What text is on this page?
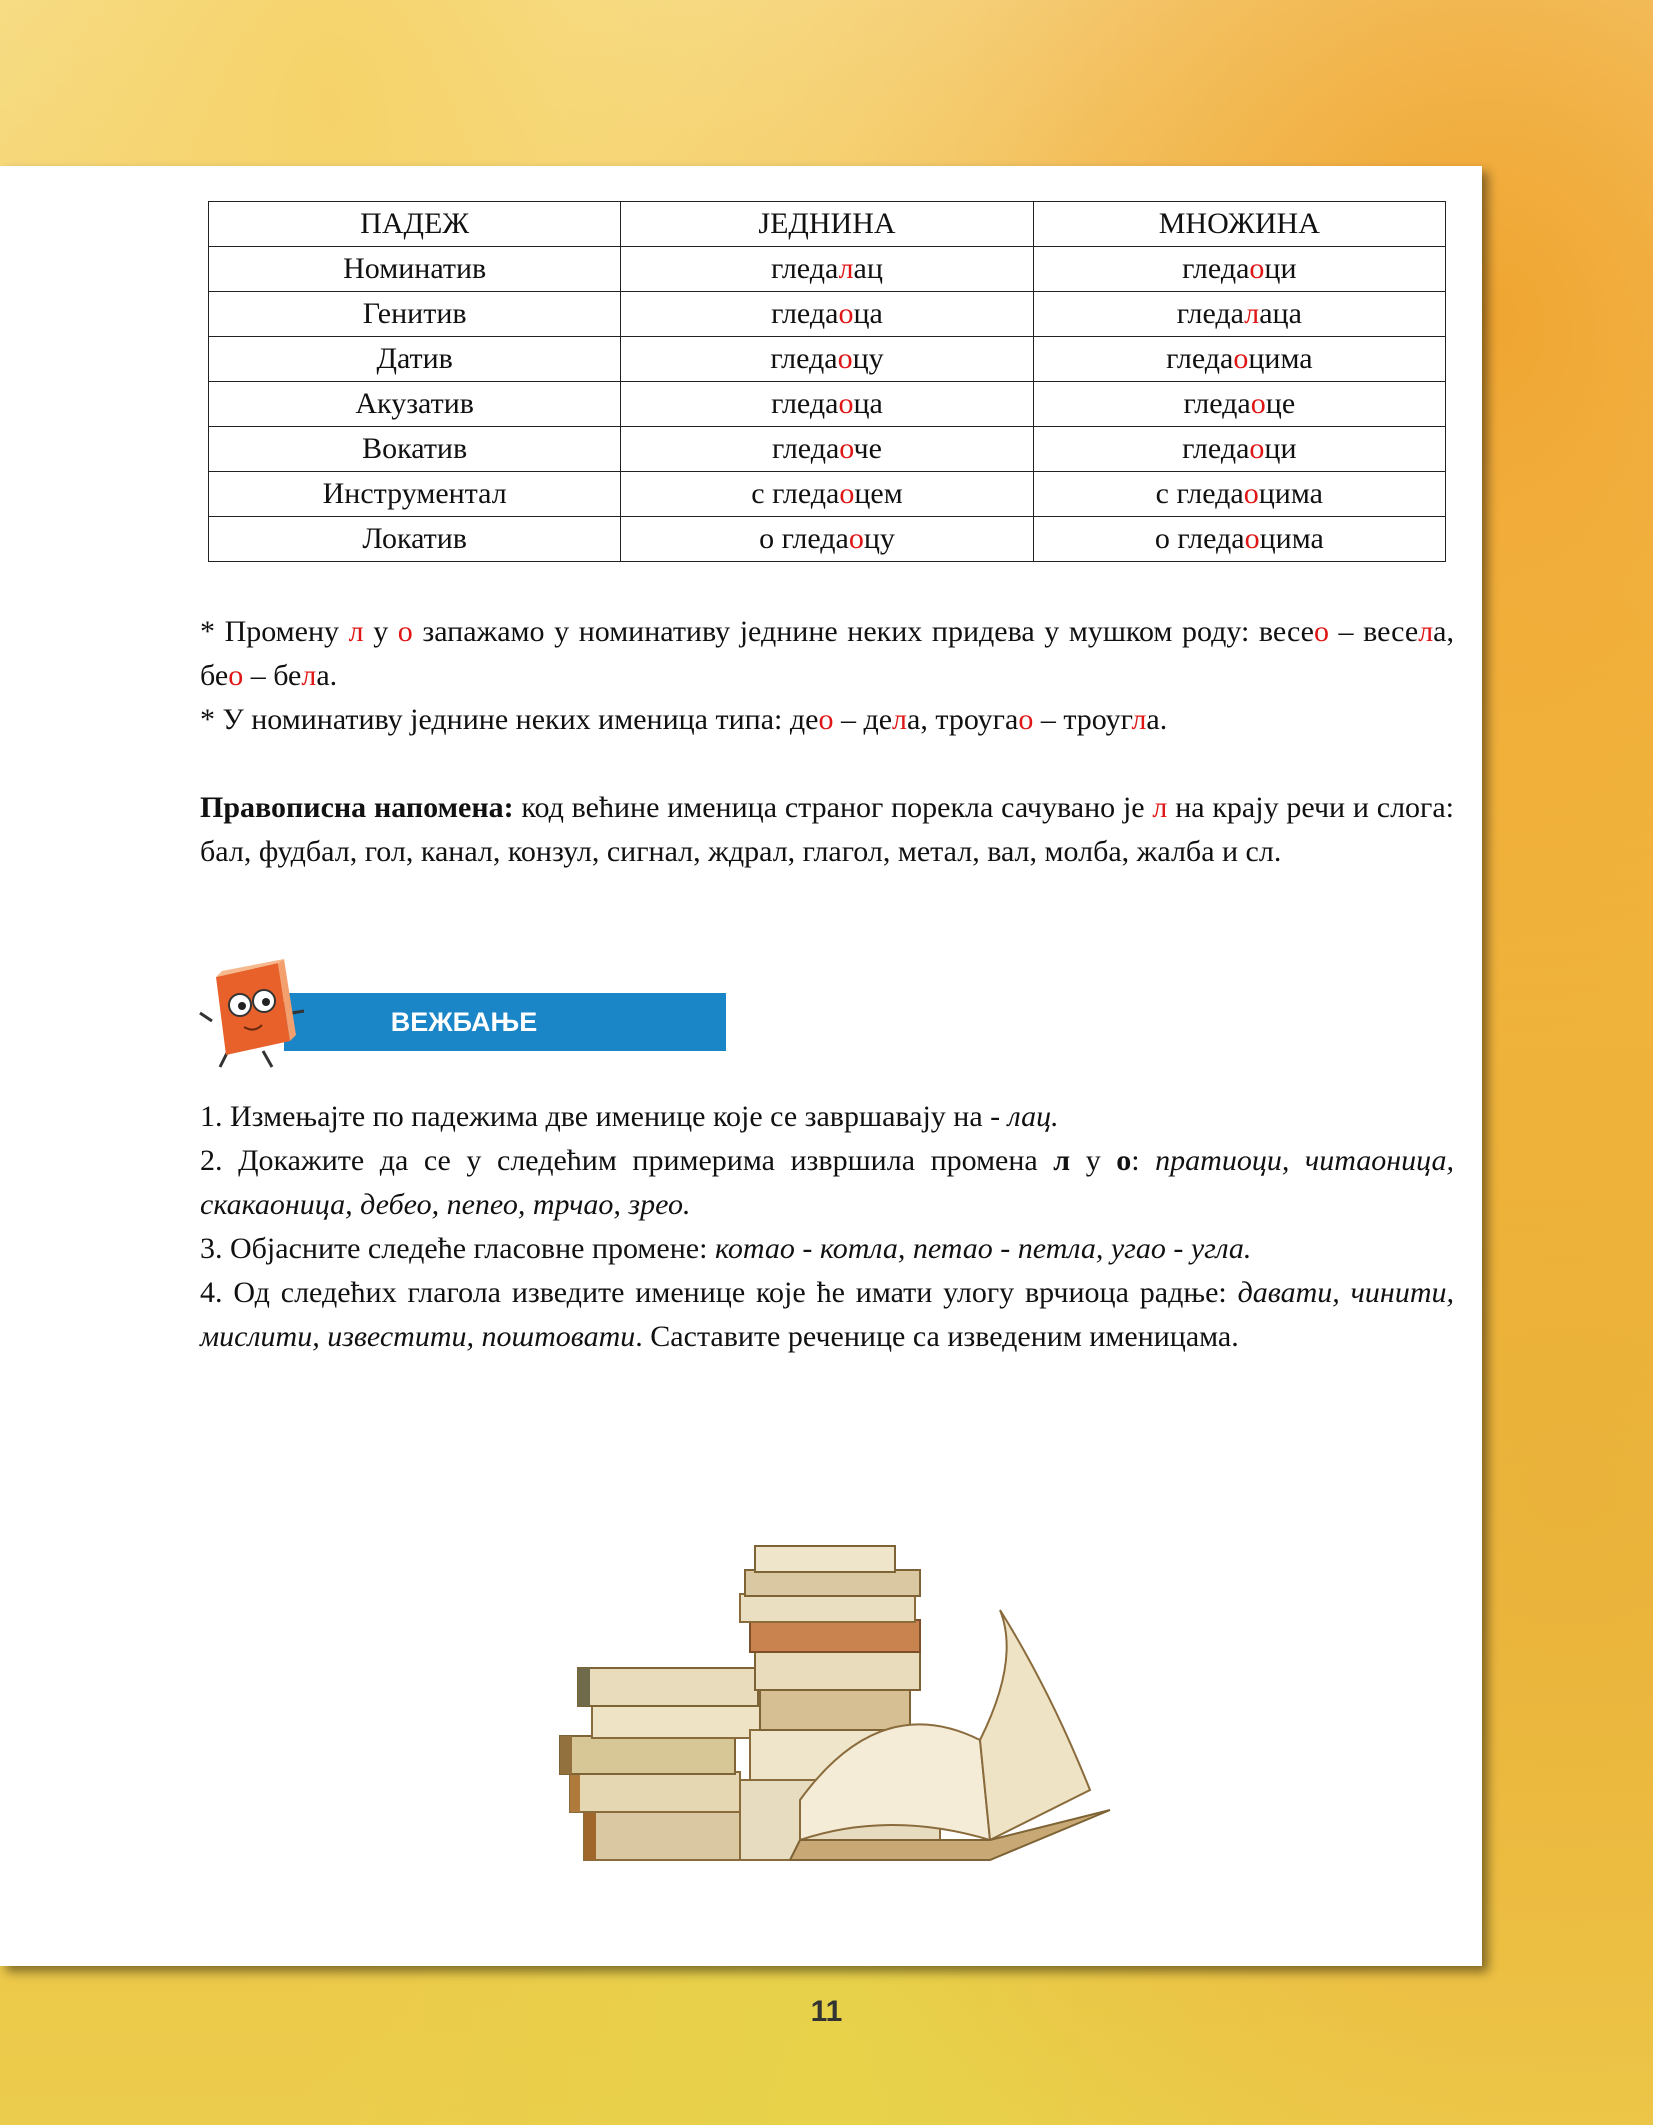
ПАДЕЖ	ЈЕДНИНА	МНОЖИНА
Номинатив	гледалац	гледаоци
Генитив	гледаоца	гледалаца
Датив	гледаоцу	гледаоцима
Акузатив	гледаоца	гледаоце
Вокатив	гледаоче	гледаоци
Инструментал	с гледаоцем	с гледаоцима
Локатив	о гледаоцу	о гледаоцима

* Промену л у о запажамо у номинативу једнине неких придева у мушком роду: весео – весела, бео – бела.

* У номинативу једнине неких именица типа: део – дела, троугао – троугла.

Правописна напомена: код већине именица страног порекла сачувано је л на крају речи и слога: бал, фудбал, гол, канал, конзул, сигнал, ждрал, глагол, метал, вал, молба, жалба и сл.

ВЕЖБАЊЕ

1. Измењајте по падежима две именице које се завршавају на - лац.

2. Докажите да се у следећим примерима извршила промена л у о: пратиоци, читаоница, скакаоница, дебео, пепео, трчао, зрео.

3. Објасните следеће гласовне промене: котао - котла, петао - петла, угао - угла.

4. Од следећих глагола изведите именице које ће имати улогу врчиоца радње: давати, чинити, мислити, известити, поштовати. Саставите реченице са изведеним именицама.

11
